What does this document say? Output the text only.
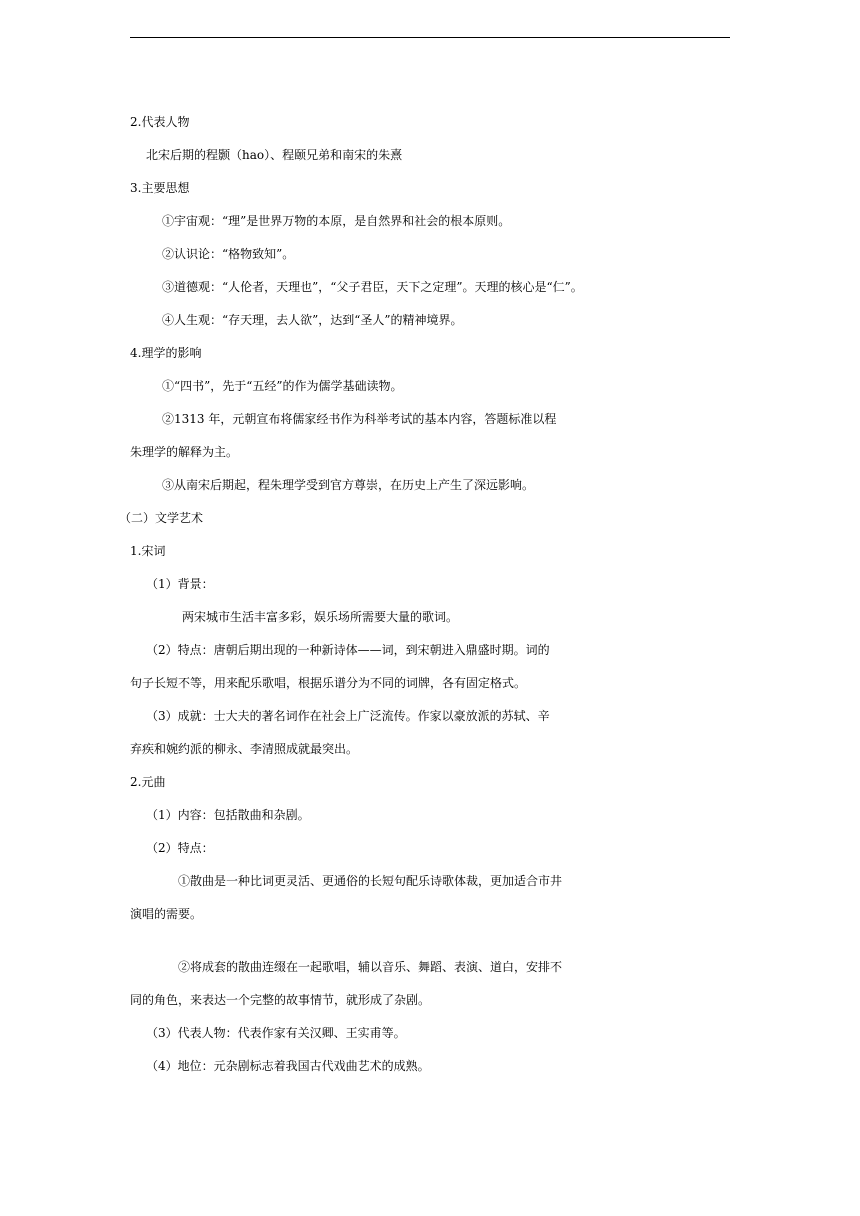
2.代表人物
北宋后期的程颢（hao）、程颐兄弟和南宋的朱熹
3.主要思想
①宇宙观：“理”是世界万物的本原，是自然界和社会的根本原则。
②认识论：“格物致知”。
③道德观：“人伦者，天理也”，“父子君臣，天下之定理”。天理的核心是“仁”。
④人生观：“存天理，去人欲”，达到“圣人”的精神境界。
4.理学的影响
①“四书”，先于“五经”的作为儒学基础读物。
②1313 年，元朝宣布将儒家经书作为科举考试的基本内容，答题标准以程
朱理学的解释为主。
③从南宋后期起，程朱理学受到官方尊崇，在历史上产生了深远影响。
（二）文学艺术
1.宋词
（1）背景：
两宋城市生活丰富多彩，娱乐场所需要大量的歌词。
（2）特点：唐朝后期出现的一种新诗体——词，到宋朝进入鼎盛时期。词的
句子长短不等，用来配乐歌唱，根据乐谱分为不同的词牌，各有固定格式。
（3）成就：士大夫的著名词作在社会上广泛流传。作家以豪放派的苏轼、辛
弃疾和婉约派的柳永、李清照成就最突出。
2.元曲
（1）内容：包括散曲和杂剧。
（2）特点：
①散曲是一种比词更灵活、更通俗的长短句配乐诗歌体裁，更加适合市井
演唱的需要。
②将成套的散曲连缀在一起歌唱，辅以音乐、舞蹈、表演、道白，安排不
同的角色，来表达一个完整的故事情节，就形成了杂剧。
（3）代表人物：代表作家有关汉卿、王实甫等。
（4）地位：元杂剧标志着我国古代戏曲艺术的成熟。
